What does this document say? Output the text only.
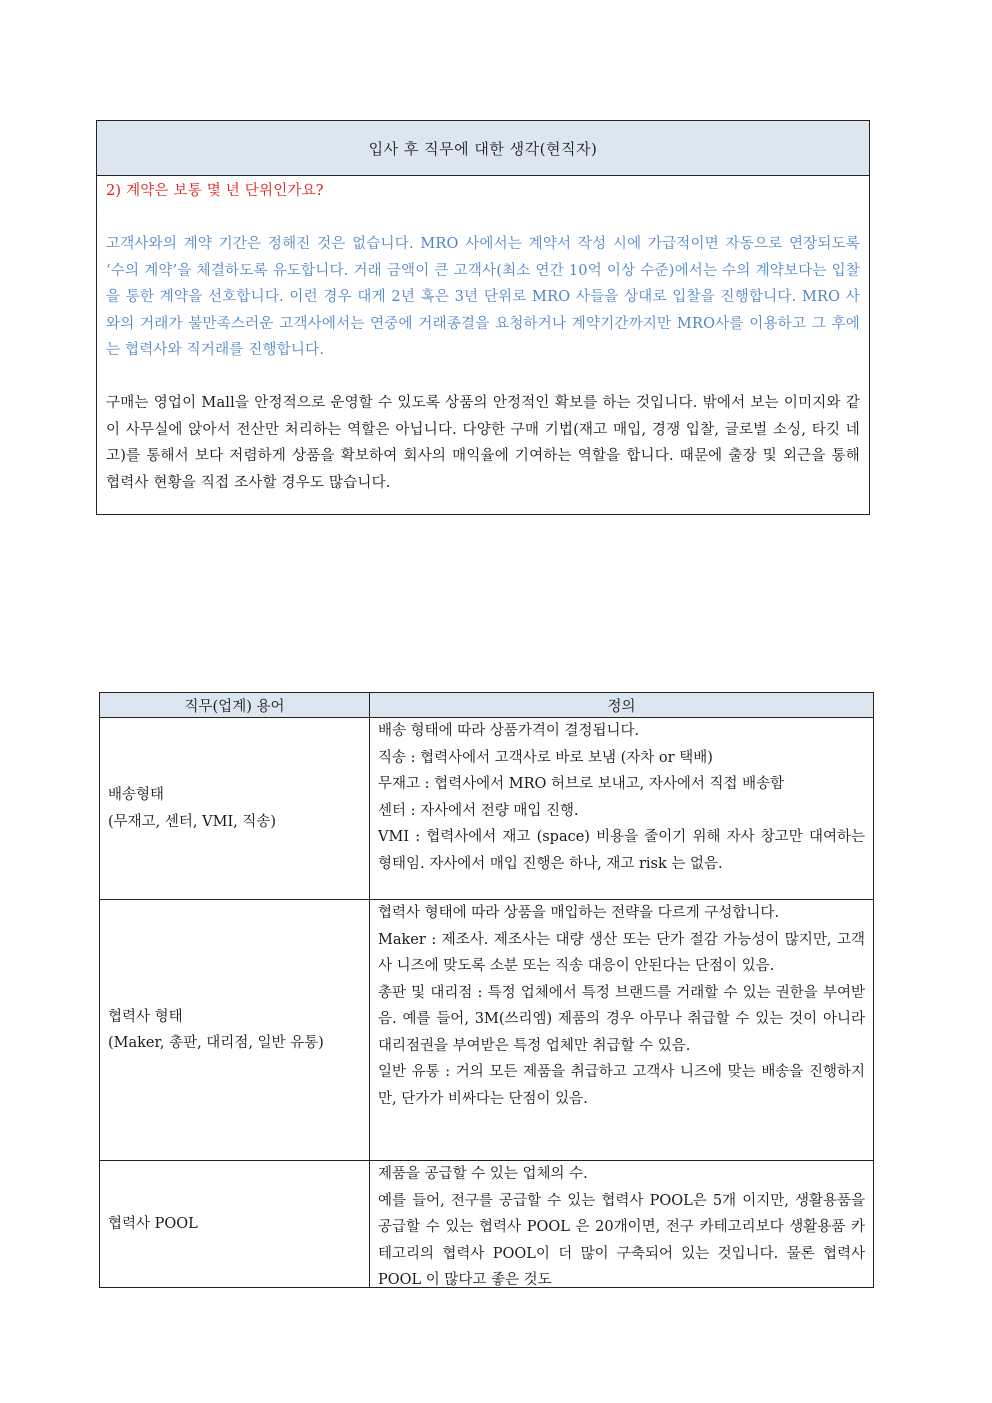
입사 후 직무에 대한 생각(현직자)
2) 계약은 보통 몇 년 단위인가요?
고객사와의 계약 기간은 정해진 것은 없습니다. MRO 사에서는 계약서 작성 시에 가급적이면 자동으로 연장되도록 ‘수의 계약’을 체결하도록 유도합니다. 거래 금액이 큰 고객사(최소 연간 10억 이상 수준)에서는 수의 계약보다는 입찰을 통한 계약을 선호합니다. 이런 경우 대게 2년 혹은 3년 단위로 MRO 사들을 상대로 입찰을 진행합니다. MRO 사와의 거래가 불만족스러운 고객사에서는 연중에 거래종결을 요청하거나 계약기간까지만 MRO사를 이용하고 그 후에는 협력사와 직거래를 진행합니다.
구매는 영업이 Mall을 안정적으로 운영할 수 있도록 상품의 안정적인 확보를 하는 것입니다. 밖에서 보는 이미지와 같이 사무실에 앉아서 전산만 처리하는 역할은 아닙니다. 다양한 구매 기법(재고 매입, 경쟁 입찰, 글로벌 소싱, 타깃 네고)를 통해서 보다 저렴하게 상품을 확보하여 회사의 매익율에 기여하는 역할을 합니다. 때문에 출장 및 외근을 통해 협력사 현황을 직접 조사할 경우도 많습니다.
직무(업계) 용어	정의

배송형태
(무재고, 센터, VMI, 직송)	배송 형태에 따라 상품가격이 결정됩니다.
직송 : 협력사에서 고객사로 바로 보냄 (자차 or 택배)
무재고 : 협력사에서 MRO 허브로 보내고, 자사에서 직접 배송함
센터 : 자사에서 전량 매입 진행.
VMI : 협력사에서 재고 (space) 비용을 줄이기 위해 자사 창고만 대여하는 형태임. 자사에서 매입 진행은 하나, 재고 risk 는 없음.

협력사 형태
(Maker, 총판, 대리점, 일반 유통)	협력사 형태에 따라 상품을 매입하는 전략을 다르게 구성합니다.
Maker : 제조사. 제조사는 대량 생산 또는 단가 절감 가능성이 많지만, 고객사 니즈에 맞도록 소분 또는 직송 대응이 안된다는 단점이 있음.
총판 및 대리점 : 특정 업체에서 특정 브랜드를 거래할 수 있는 권한을 부여받음. 예를 들어, 3M(쓰리엠) 제품의 경우 아무나 취급할 수 있는 것이 아니라 대리점권을 부여받은 특정 업체만 취급할 수 있음.
일반 유통 : 거의 모든 제품을 취급하고 고객사 니즈에 맞는 배송을 진행하지만, 단가가 비싸다는 단점이 있음.

협력사 POOL	제품을 공급할 수 있는 업체의 수.
예를 들어, 전구를 공급할 수 있는 협력사 POOL은 5개 이지만, 생활용품을 공급할 수 있는 협력사 POOL 은 20개이면, 전구 카테고리보다 생활용품 카테고리의 협력사 POOL이 더 많이 구축되어 있는 것입니다. 물론 협력사 POOL 이 많다고 좋은 것도
